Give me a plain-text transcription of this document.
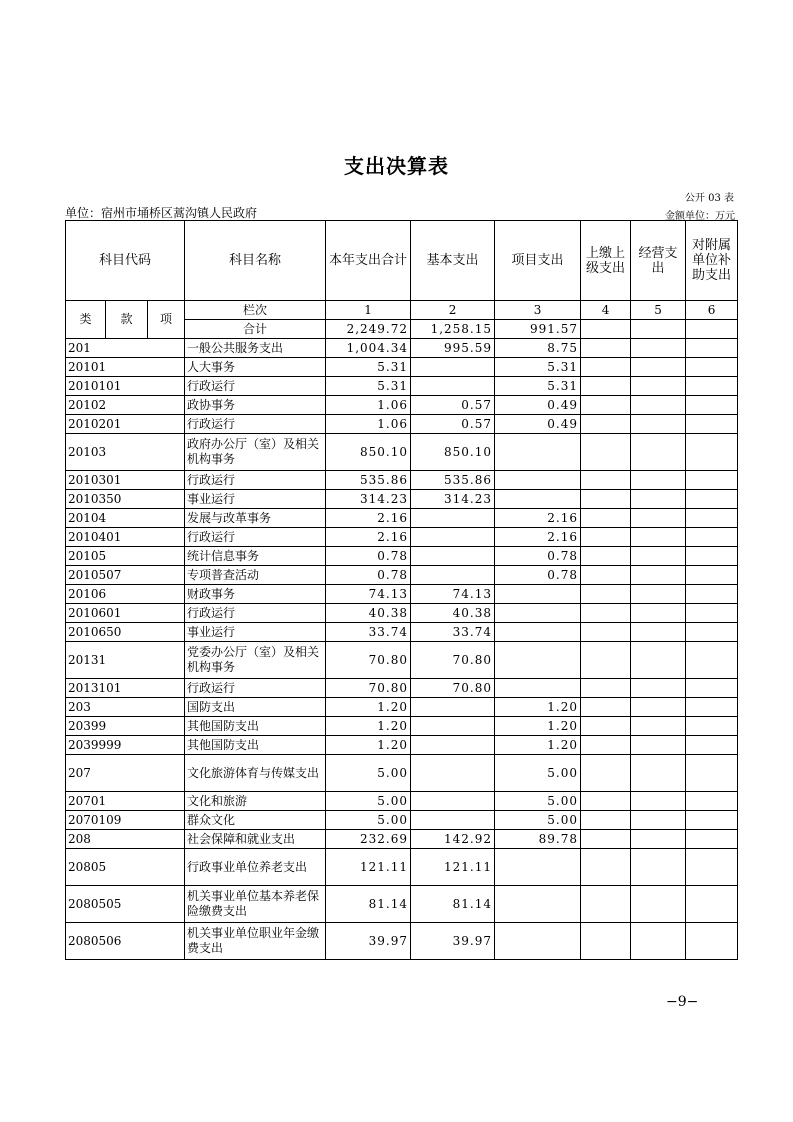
支出决算表
公开 03 表
单位：宿州市埇桥区蒿沟镇人民政府	金额单位：万元
科目代码			科目名称	本年支出合计	基本支出	项目支出	上缴上级支出	经营支出	对附属单位补助支出
类	款	项	栏次	1	2	3	4	5	6
			合计	2,249.72	1,258.15	991.57			
201			一般公共服务支出	1,004.34	995.59	8.75			
20101			人大事务	5.31		5.31			
2010101			行政运行	5.31		5.31			
20102			政协事务	1.06	0.57	0.49			
2010201			行政运行	1.06	0.57	0.49			
20103			政府办公厅（室）及相关机构事务	850.10	850.10				
2010301			行政运行	535.86	535.86				
2010350			事业运行	314.23	314.23				
20104			发展与改革事务	2.16		2.16			
2010401			行政运行	2.16		2.16			
20105			统计信息事务	0.78		0.78			
2010507			专项普查活动	0.78		0.78			
20106			财政事务	74.13	74.13				
2010601			行政运行	40.38	40.38				
2010650			事业运行	33.74	33.74				
20131			党委办公厅（室）及相关机构事务	70.80	70.80				
2013101			行政运行	70.80	70.80				
203			国防支出	1.20		1.20			
20399			其他国防支出	1.20		1.20			
2039999			其他国防支出	1.20		1.20			
207			文化旅游体育与传媒支出	5.00		5.00			
20701			文化和旅游	5.00		5.00			
2070109			群众文化	5.00		5.00			
208			社会保障和就业支出	232.69	142.92	89.78			
20805			行政事业单位养老支出	121.11	121.11				
2080505			机关事业单位基本养老保险缴费支出	81.14	81.14				
2080506			机关事业单位职业年金缴费支出	39.97	39.97				
−9−
